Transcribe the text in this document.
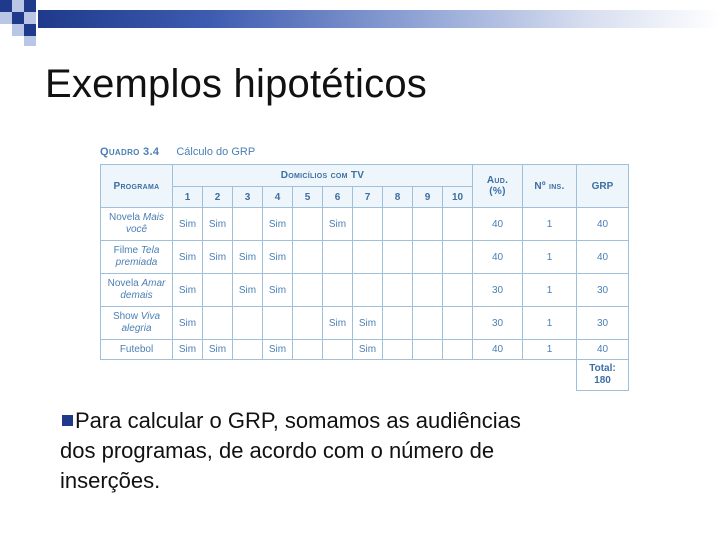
Exemplos hipotéticos
Quadro 3.4 Cálculo do GRP
Programa	Domicílios com TV										Aud.
(%)	Nº ins.	GRP
	1	2	3	4	5	6	7	8	9	10			
Novela Mais você	Sim	Sim		Sim		Sim					40	1	40
Filme Tela premiada	Sim	Sim	Sim	Sim							40	1	40
Novela Amar demais	Sim		Sim	Sim							30	1	30
Show Viva alegria	Sim					Sim	Sim				30	1	30
Futebol	Sim	Sim		Sim			Sim				40	1	40
													Total:
180
Para calcular o GRP, somamos as audiências
dos programas, de acordo com o número de
inserções.
